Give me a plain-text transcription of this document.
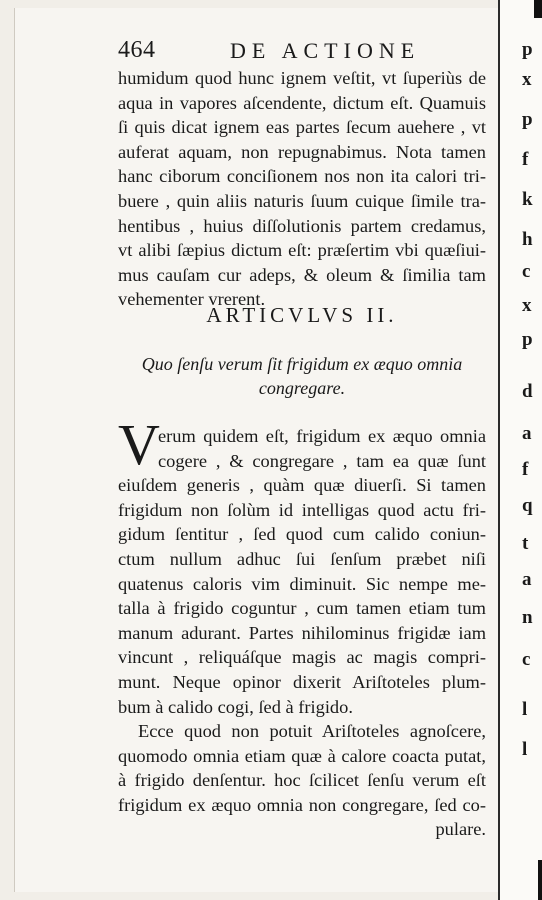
p
x
p
f
k
h
c
x
p
d
a
f
q
t
a
n
c
l
l
464	DE ACTIONE
humidum quod hunc ignem veſtit, vt ſuperiùs de
aqua in vapores aſcendente, dictum eſt. Quamuis
ſi quis dicat ignem eas partes ſecum auehere , vt
auferat aquam, non repugnabimus. Nota tamen
hanc ciborum conciſionem nos non ita calori tri-
buere , quin aliis naturis ſuum cuique ſimile tra-
hentibus , huius diſſolutionis partem credamus,
vt alibi ſæpius dictum eſt: præſertim vbi quæſiui-
mus cauſam cur adeps, & oleum & ſimilia tam
vehementer vrerent.
ARTICVLVS II.
Quo ſenſu verum ſit frigidum ex æquo omnia
congregare.
V
erum quidem eſt, frigidum ex æquo omnia
cogere , & congregare , tam ea quæ ſunt
eiuſdem generis , quàm quæ diuerſi. Si tamen
frigidum non ſolùm id intelligas quod actu fri-
gidum ſentitur , ſed quod cum calido coniun-
ctum nullum adhuc ſui ſenſum præbet niſi
quatenus caloris vim diminuit. Sic nempe me-
talla à frigido coguntur , cum tamen etiam tum
manum adurant. Partes nihilominus frigidæ iam
vincunt , reliquáſque magis ac magis compri-
munt. Neque opinor dixerit Ariſtoteles plum-
bum à calido cogi, ſed à frigido.
Ecce quod non potuit Ariſtoteles agnoſcere,
quomodo omnia etiam quæ à calore coacta putat,
à frigido denſentur. hoc ſcilicet ſenſu verum eſt
frigidum ex æquo omnia non congregare, ſed co-
pulare.
